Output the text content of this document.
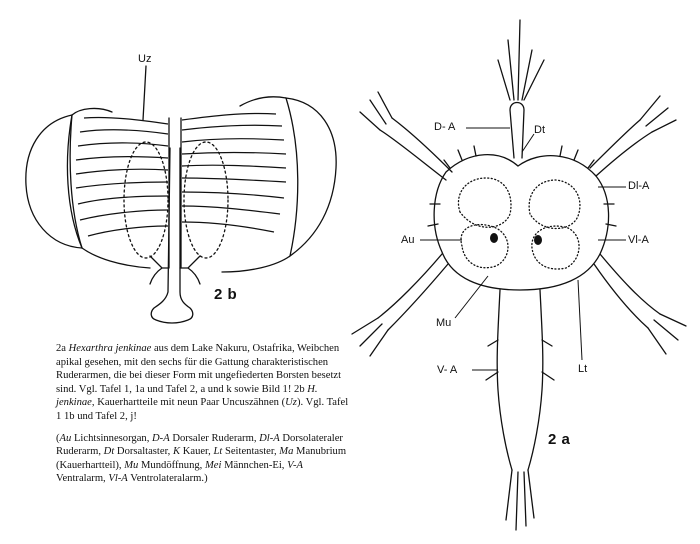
Uz
2 b
D- A	Dt
Dl-A
Au	Vl-A
Mu
Lt
V- A
2 a

2a Hexarthra jenkinae aus dem Lake Nakuru, Ostafrika, Weibchen apikal gesehen, mit den sechs für die Gattung charakteristischen Ruderarmen, die bei dieser Form mit ungefiederten Borsten besetzt sind. Vgl. Tafel 1, 1a und Tafel 2, a und k sowie Bild 1! 2b H. jenkinae, Kauerhartteile mit neun Paar Uncuszähnen (Uz). Vgl. Tafel 1 1b und Tafel 2, j!

(Au Lichtsinnesorgan, D-A Dorsaler Ruderarm, Dl-A Dorsolateraler Ruderarm, Dt Dorsaltaster, K Kauer, Lt Seitentaster, Ma Manubrium (Kauerhartteil), Mu Mundöffnung, Mei Männchen-Ei, V-A Ventralarm, Vl-A Ventrolateralarm.)
